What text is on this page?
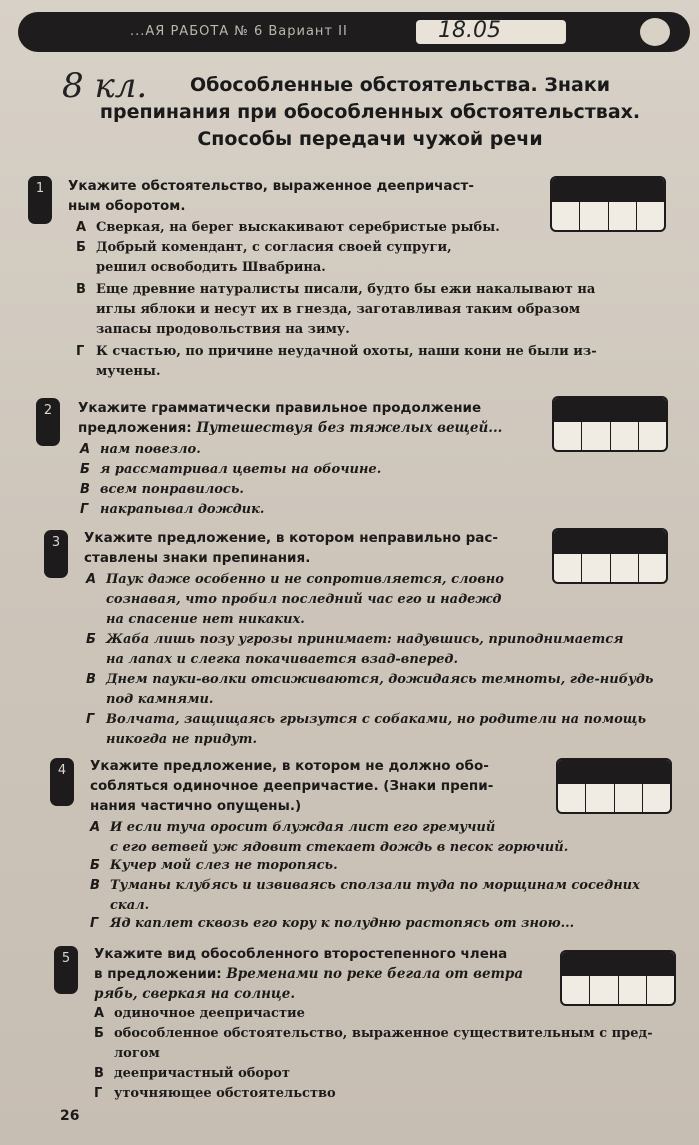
...АЯ РАБОТА № 6 Вариант II	18.05
8 кл.	Обособленные обстоятельства. Знаки
препинания при обособленных обстоятельствах.
Способы передачи чужой речи
1	Укажите обстоятельство, выраженное деепричаст-
ным оборотом.
А Сверкая, на берег выскакивают серебристые рыбы.
Б Добрый комендант, с согласия своей супруги,
решил освободить Швабрина.
В Еще древние натуралисты писали, будто бы ежи накалывают на
иглы яблоки и несут их в гнезда, заготавливая таким образом
запасы продовольствия на зиму.
Г К счастью, по причине неудачной охоты, наши кони не были из-
мучены.
2	Укажите грамматически правильное продолжение
предложения: Путешествуя без тяжелых вещей...
А нам повезло.
Б я рассматривал цветы на обочине.
В всем понравилось.
Г накрапывал дождик.
3	Укажите предложение, в котором неправильно рас-
ставлены знаки препинания.
А Паук даже особенно и не сопротивляется, словно
сознавая, что пробил последний час его и надежд
на спасение нет никаких.
Б Жаба лишь позу угрозы принимает: надувшись, приподнимается
на лапах и слегка покачивается взад-вперед.
В Днем пауки-волки отсиживаются, дожидаясь темноты, где-нибудь
под камнями.
Г Волчата, защищаясь грызутся с собаками, но родители на помощь
никогда не придут.
4	Укажите предложение, в котором не должно обо-
собляться одиночное деепричастие. (Знаки препи-
нания частично опущены.)
А И если туча оросит блуждая лист его гремучий
с его ветвей уж ядовит стекает дождь в песок горючий.
Б Кучер мой слез не торопясь.
В Туманы клубясь и извиваясь сползали туда по морщинам соседних
скал.
Г Яд каплет сквозь его кору к полудню растопясь от зною...
5	Укажите вид обособленного второстепенного члена
в предложении: Временами по реке бегала от ветра
рябь, сверкая на солнце.
А одиночное деепричастие
Б обособленное обстоятельство, выраженное существительным с пред-
логом
В деепричастный оборот
Г уточняющее обстоятельство
26
